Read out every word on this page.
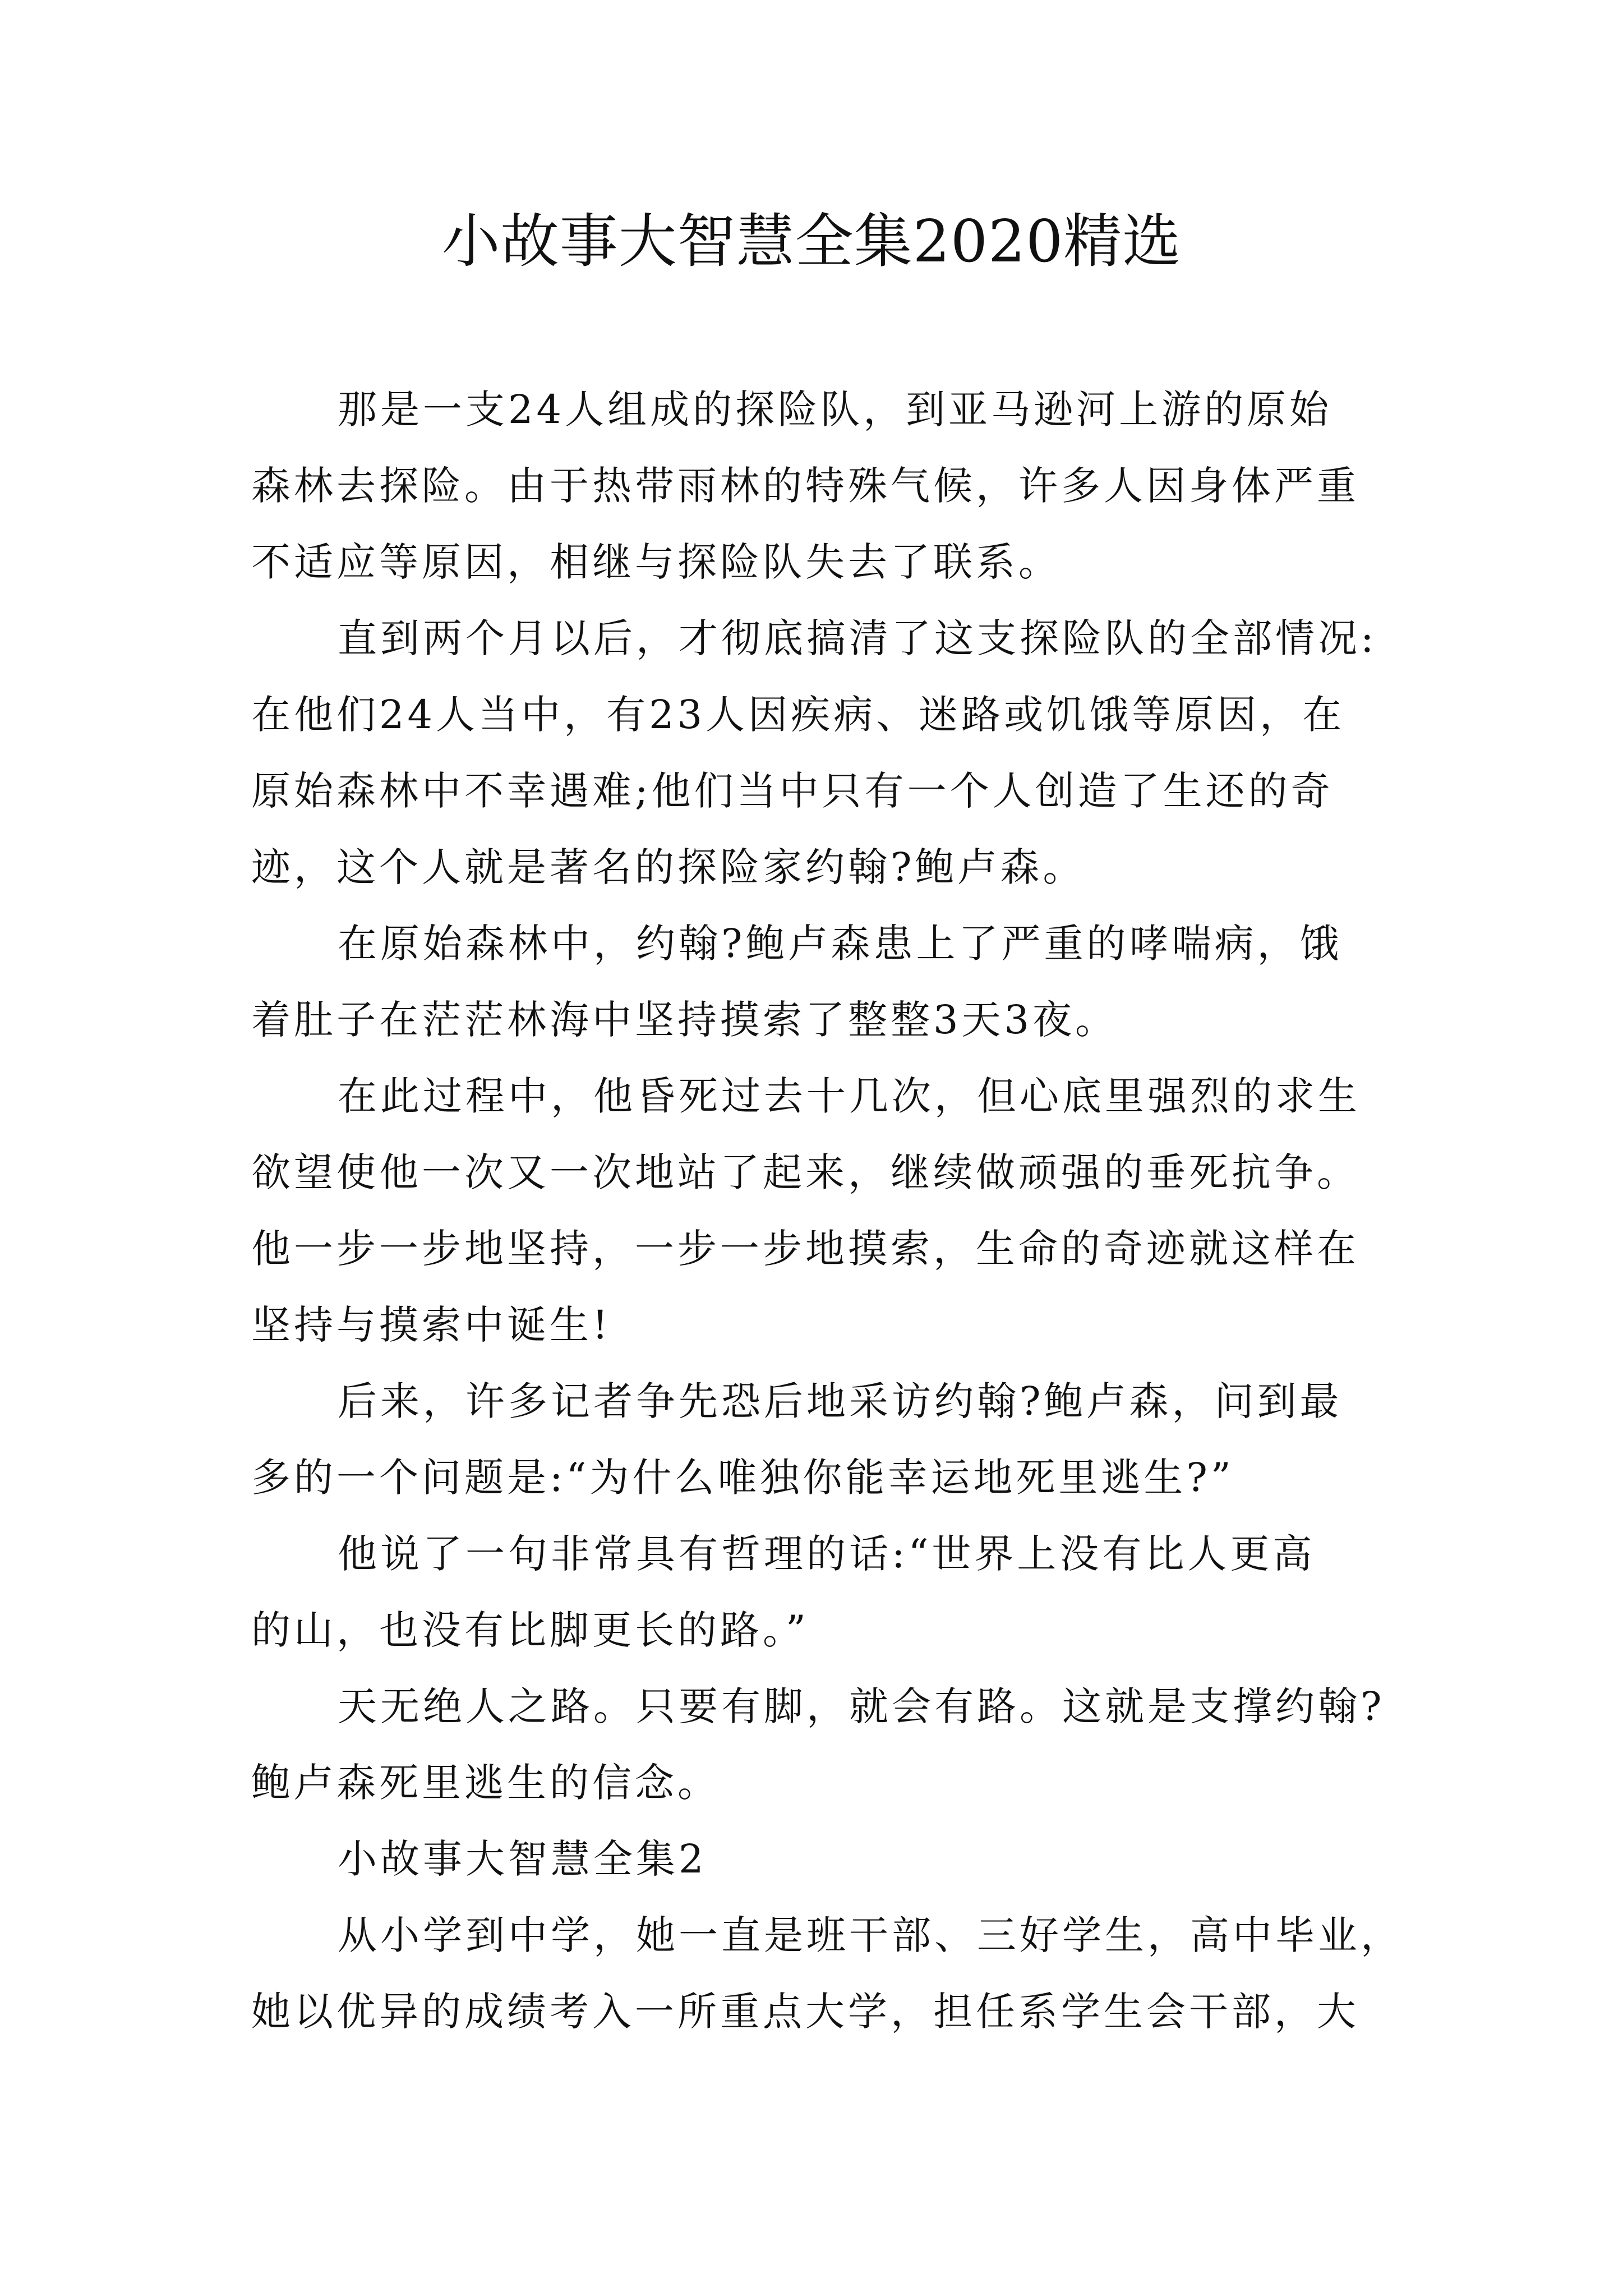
小故事大智慧全集2020精选
那是一支24人组成的探险队，到亚马逊河上游的原始
森林去探险。由于热带雨林的特殊气候，许多人因身体严重
不适应等原因，相继与探险队失去了联系。
直到两个月以后，才彻底搞清了这支探险队的全部情况:
在他们24人当中，有23人因疾病、迷路或饥饿等原因，在
原始森林中不幸遇难;他们当中只有一个人创造了生还的奇
迹，这个人就是著名的探险家约翰?鲍卢森。
在原始森林中，约翰?鲍卢森患上了严重的哮喘病，饿
着肚子在茫茫林海中坚持摸索了整整3天3夜。
在此过程中，他昏死过去十几次，但心底里强烈的求生
欲望使他一次又一次地站了起来，继续做顽强的垂死抗争。
他一步一步地坚持，一步一步地摸索，生命的奇迹就这样在
坚持与摸索中诞生!
后来，许多记者争先恐后地采访约翰?鲍卢森，问到最
多的一个问题是:“为什么唯独你能幸运地死里逃生?”
他说了一句非常具有哲理的话:“世界上没有比人更高
的山，也没有比脚更长的路。”
天无绝人之路。只要有脚，就会有路。这就是支撑约翰?
鲍卢森死里逃生的信念。
小故事大智慧全集2
从小学到中学，她一直是班干部、三好学生，高中毕业，
她以优异的成绩考入一所重点大学，担任系学生会干部，大
